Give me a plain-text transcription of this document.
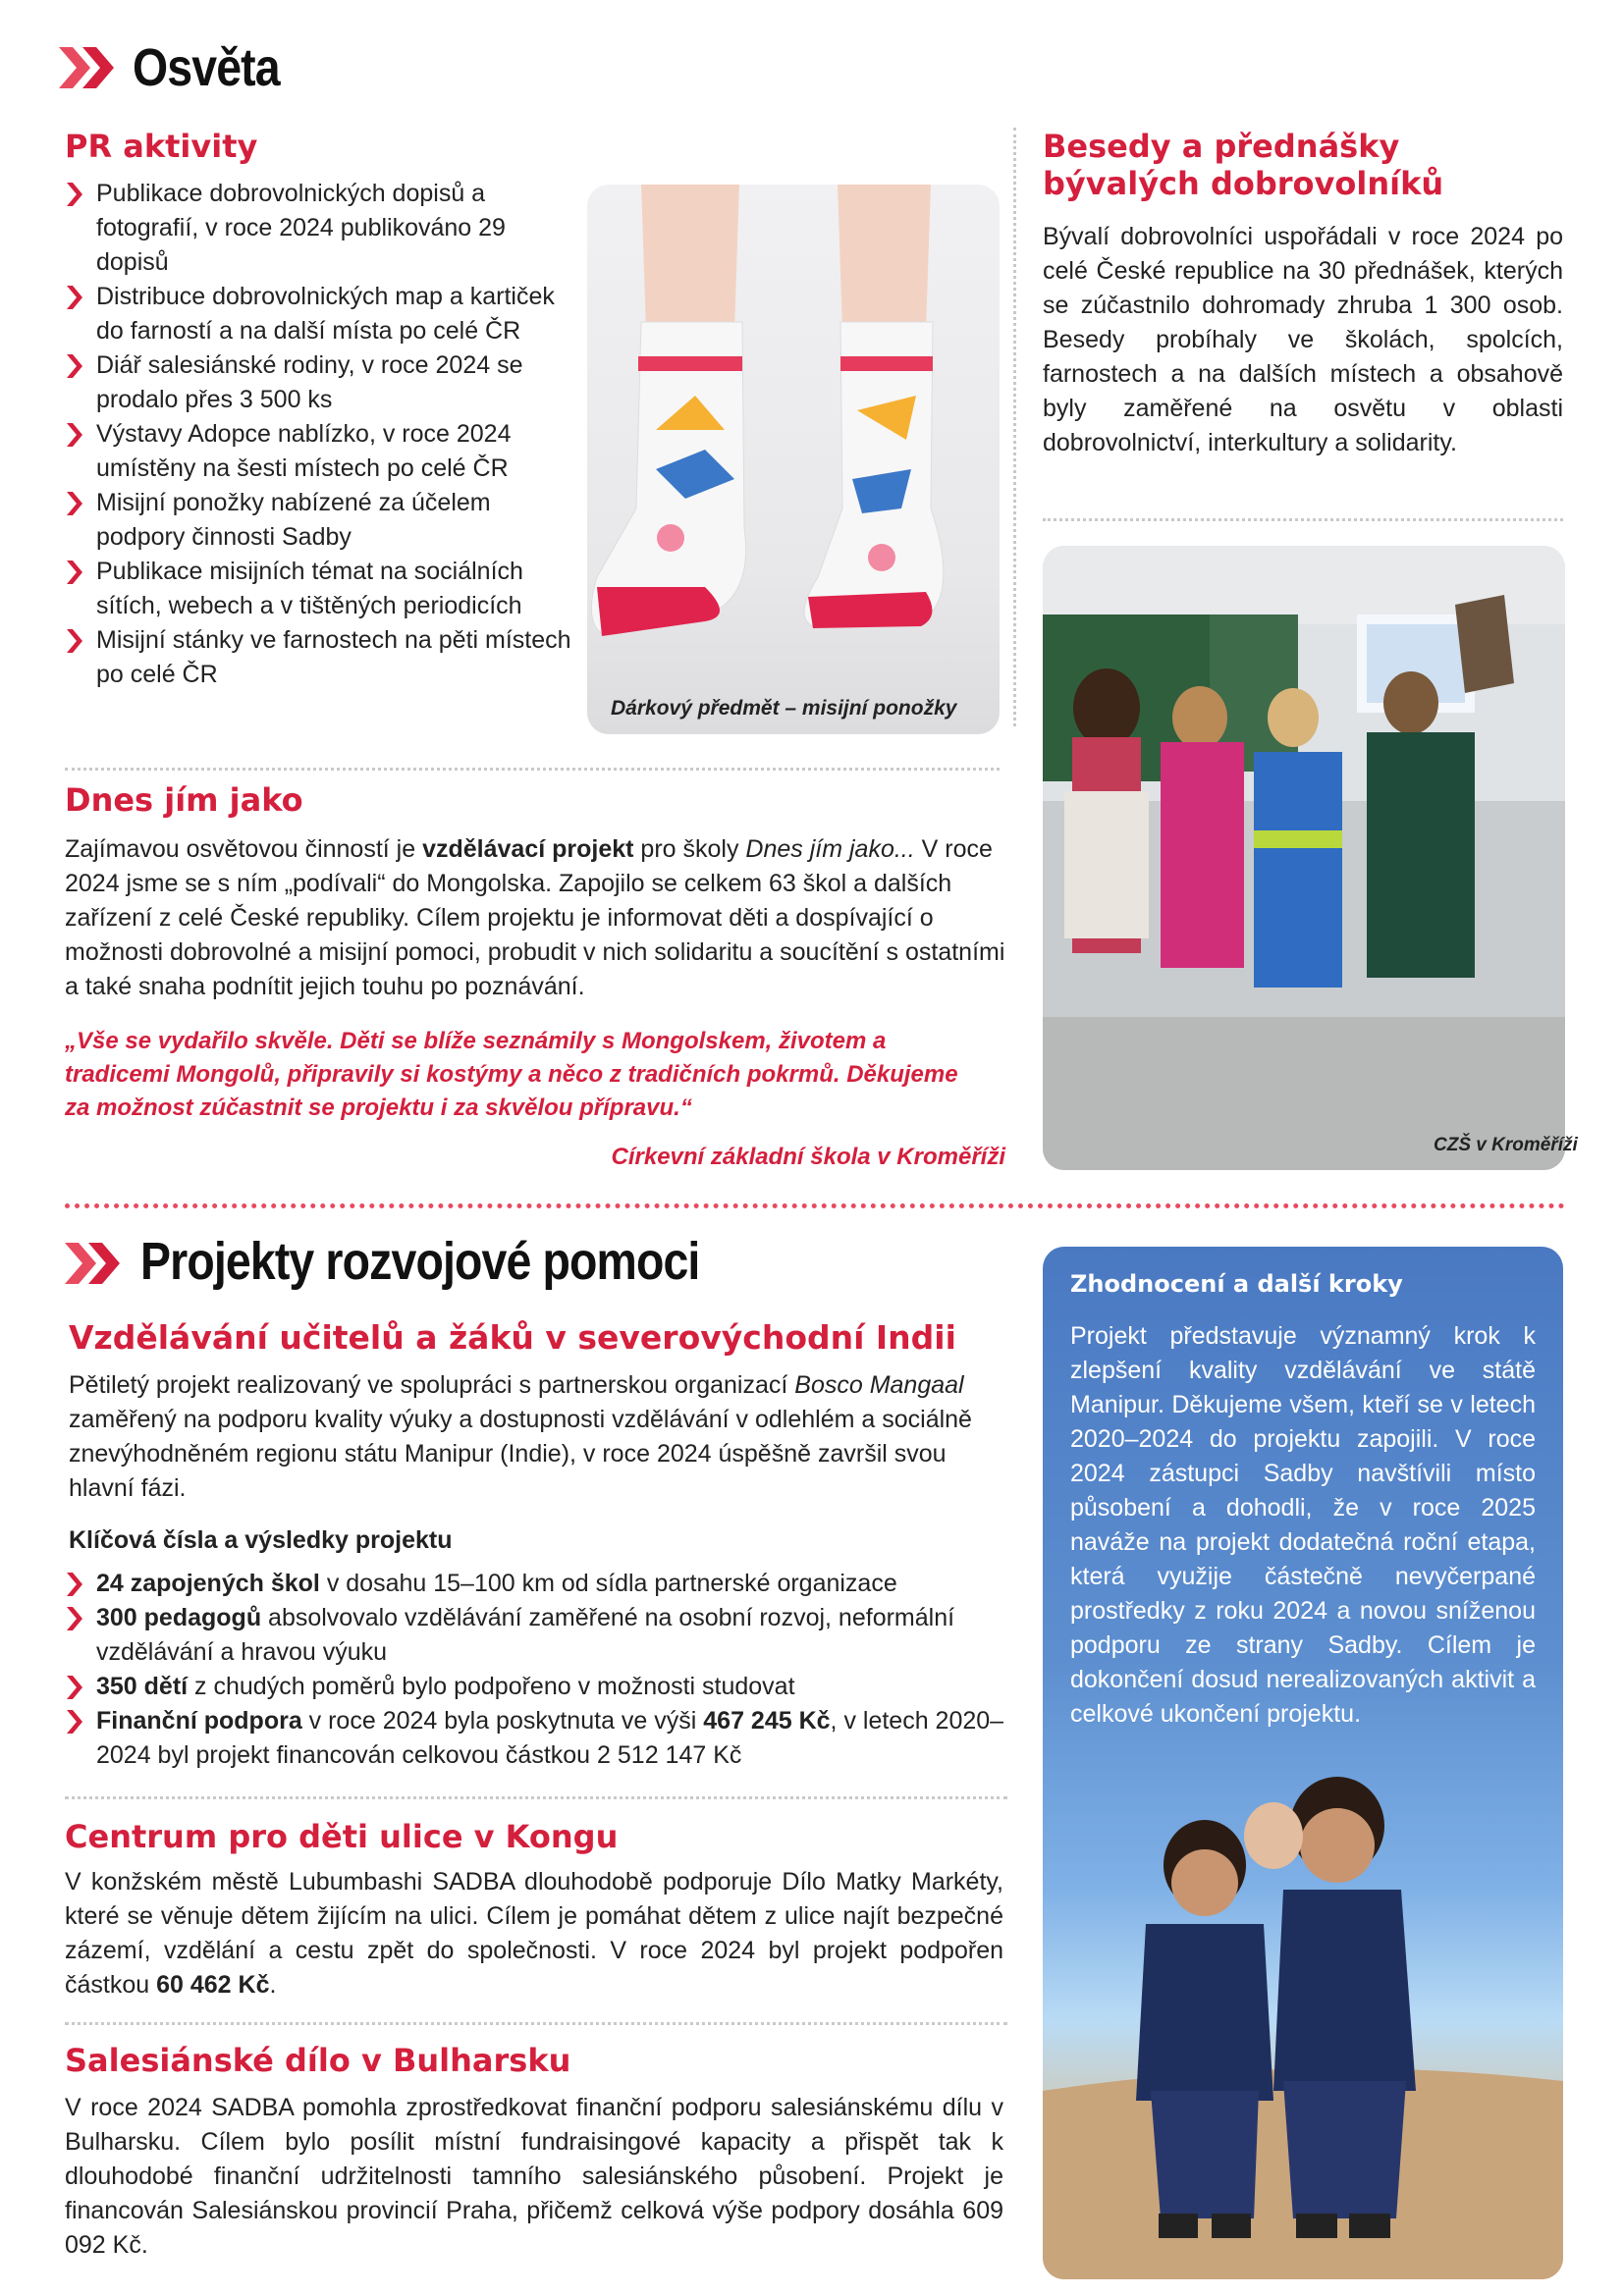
Osvěta
PR aktivity
Publikace dobrovolnických dopisů a fotografií, v roce 2024 publikováno 29 dopisů
Distribuce dobrovolnických map a kartiček do farností a na další místa po celé ČR
Diář salesiánské rodiny, v roce 2024 se prodalo přes 3 500 ks
Výstavy Adopce nablízko, v roce 2024 umístěny na šesti místech po celé ČR
Misijní ponožky nabízené za účelem podpory činnosti Sadby
Publikace misijních témat na sociálních sítích, webech a v tištěných periodicích
Misijní stánky ve farnostech na pěti místech po celé ČR
Dárkový předmět – misijní ponožky
Besedy a přednášky bývalých dobrovolníků
Bývalí dobrovolníci uspořádali v roce 2024 po celé České republice na 30 přednášek, kterých se zúčastnilo dohromady zhruba 1 300 osob. Besedy probíhaly ve školách, spolcích, farnostech a na dalších místech a obsahově byly zaměřené na osvětu v oblasti dobrovolnictví, interkultury a solidarity.
CZŠ v Kroměříži
Dnes jím jako
Zajímavou osvětovou činností je vzdělávací projekt pro školy Dnes jím jako... V roce 2024 jsme se s ním „podívali“ do Mongolska. Zapojilo se celkem 63 škol a dalších zařízení z celé České republiky. Cílem projektu je informovat děti a dospívající o možnosti dobrovolné a misijní pomoci, probudit v nich solidaritu a soucítění s ostatními a také snaha podnítit jejich touhu po poznávání.
„Vše se vydařilo skvěle. Děti se blíže seznámily s Mongolskem, životem a tradicemi Mongolů, připravily si kostýmy a něco z tradičních pokrmů. Děkujeme za možnost zúčastnit se projektu i za skvělou přípravu.“
Církevní základní škola v Kroměříži
Projekty rozvojové pomoci
Vzdělávání učitelů a žáků v severovýchodní Indii
Pětiletý projekt realizovaný ve spolupráci s partnerskou organizací Bosco Mangaal zaměřený na podporu kvality výuky a dostupnosti vzdělávání v odlehlém a sociálně znevýhodněném regionu státu Manipur (Indie), v roce 2024 úspěšně završil svou hlavní fázi.
Klíčová čísla a výsledky projektu
24 zapojených škol v dosahu 15–100 km od sídla partnerské organizace
300 pedagogů absolvovalo vzdělávání zaměřené na osobní rozvoj, neformální vzdělávání a hravou výuku
350 dětí z chudých poměrů bylo podpořeno v možnosti studovat
Finanční podpora v roce 2024 byla poskytnuta ve výši 467 245 Kč, v letech 2020–2024 byl projekt financován celkovou částkou 2 512 147 Kč
Centrum pro děti ulice v Kongu
V konžském městě Lubumbashi SADBA dlouhodobě podporuje Dílo Matky Markéty, které se věnuje dětem žijícím na ulici. Cílem je pomáhat dětem z ulice najít bezpečné zázemí, vzdělání a cestu zpět do společnosti. V roce 2024 byl projekt podpořen částkou 60 462 Kč.
Salesiánské dílo v Bulharsku
V roce 2024 SADBA pomohla zprostředkovat finanční podporu salesiánskému dílu v Bulharsku. Cílem bylo posílit místní fundraisingové kapacity a přispět tak k dlouhodobé finanční udržitelnosti tamního salesiánského působení. Projekt je financován Salesiánskou provincií Praha, přičemž celková výše podpory dosáhla 609 092 Kč.
Zhodnocení a další kroky
Projekt představuje významný krok k zlepšení kvality vzdělávání ve státě Manipur. Děkujeme všem, kteří se v letech 2020–2024 do projektu zapojili. V roce 2024 zástupci Sadby navštívili místo působení a dohodli, že v roce 2025 naváže na projekt dodatečná roční etapa, která využije částečně nevyčerpané prostředky z roku 2024 a novou sníženou podporu ze strany Sadby. Cílem je dokončení dosud nerealizovaných aktivit a celkové ukončení projektu.
